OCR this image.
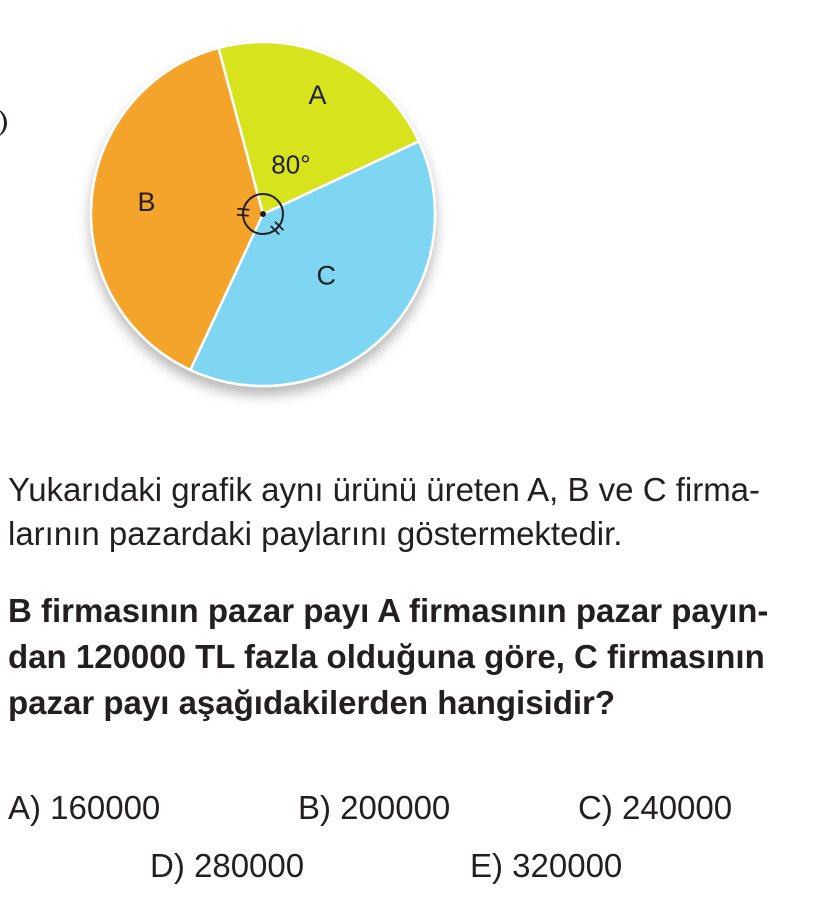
A
B
C
80°
Yukarıdaki grafik aynı ürünü üreten A, B ve C firma-
larının pazardaki paylarını göstermektedir.
B firmasının pazar payı A firmasının pazar payın-
dan 120000 TL fazla olduğuna göre, C firmasının
pazar payı aşağıdakilerden hangisidir?
A) 160000	B) 200000	C) 240000
D) 280000	E) 320000
